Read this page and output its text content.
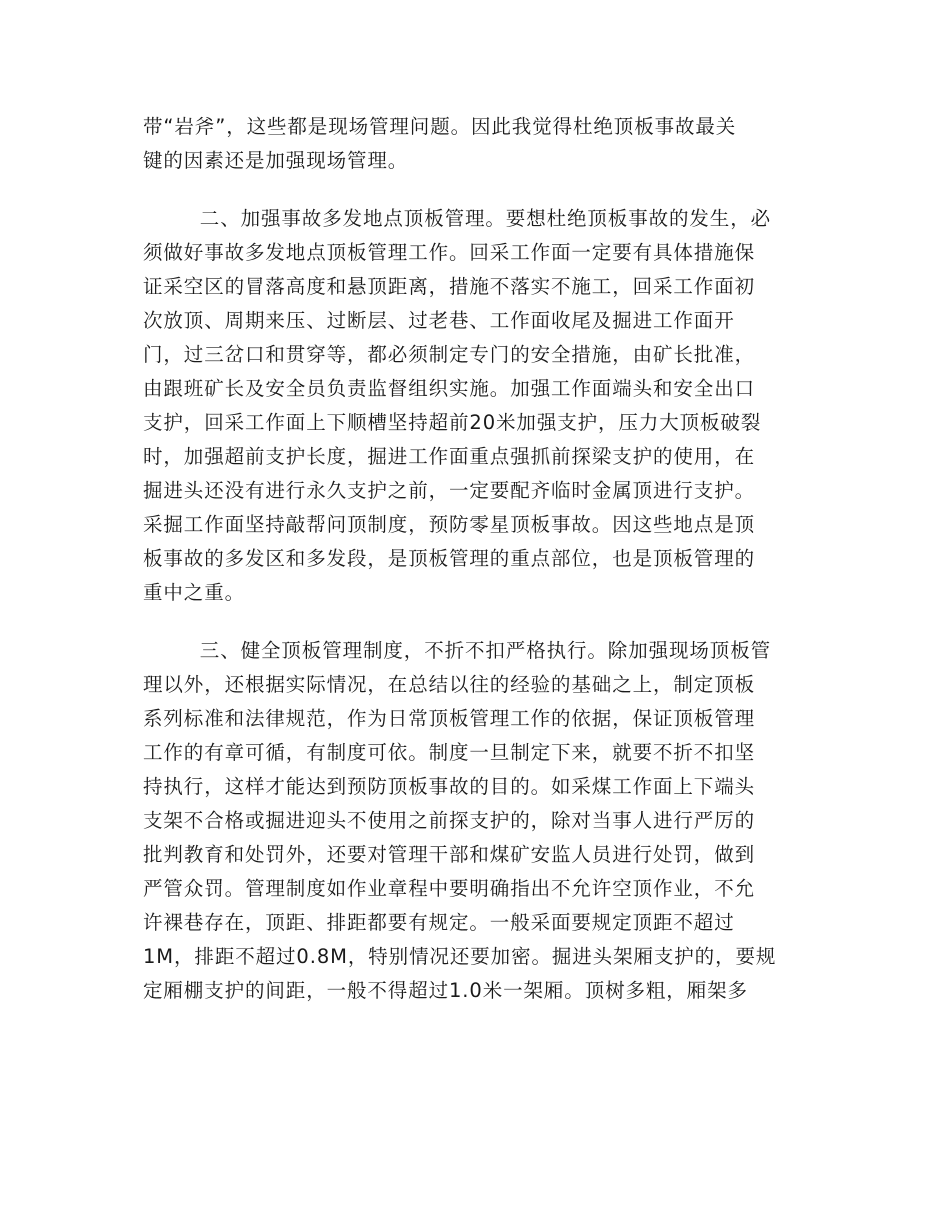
带“岩斧”，这些都是现场管理问题。因此我觉得杜绝顶板事故最关
键的因素还是加强现场管理。
二、加强事故多发地点顶板管理。要想杜绝顶板事故的发生，必
须做好事故多发地点顶板管理工作。回采工作面一定要有具体措施保
证采空区的冒落高度和悬顶距离，措施不落实不施工，回采工作面初
次放顶、周期来压、过断层、过老巷、工作面收尾及掘进工作面开
门，过三岔口和贯穿等，都必须制定专门的安全措施，由矿长批准，
由跟班矿长及安全员负责监督组织实施。加强工作面端头和安全出口
支护，回采工作面上下顺槽坚持超前20米加强支护，压力大顶板破裂
时，加强超前支护长度，掘进工作面重点强抓前探梁支护的使用，在
掘进头还没有进行永久支护之前，一定要配齐临时金属顶进行支护。
采掘工作面坚持敲帮问顶制度，预防零星顶板事故。因这些地点是顶
板事故的多发区和多发段，是顶板管理的重点部位，也是顶板管理的
重中之重。
三、健全顶板管理制度，不折不扣严格执行。除加强现场顶板管
理以外，还根据实际情况，在总结以往的经验的基础之上，制定顶板
系列标准和法律规范，作为日常顶板管理工作的依据，保证顶板管理
工作的有章可循，有制度可依。制度一旦制定下来，就要不折不扣坚
持执行，这样才能达到预防顶板事故的目的。如采煤工作面上下端头
支架不合格或掘进迎头不使用之前探支护的，除对当事人进行严厉的
批判教育和处罚外，还要对管理干部和煤矿安监人员进行处罚，做到
严管众罚。管理制度如作业章程中要明确指出不允许空顶作业，不允
许裸巷存在，顶距、排距都要有规定。一般采面要规定顶距不超过
1M，排距不超过0.8M，特别情况还要加密。掘进头架厢支护的，要规
定厢棚支护的间距，一般不得超过1.0米一架厢。顶树多粗，厢架多
